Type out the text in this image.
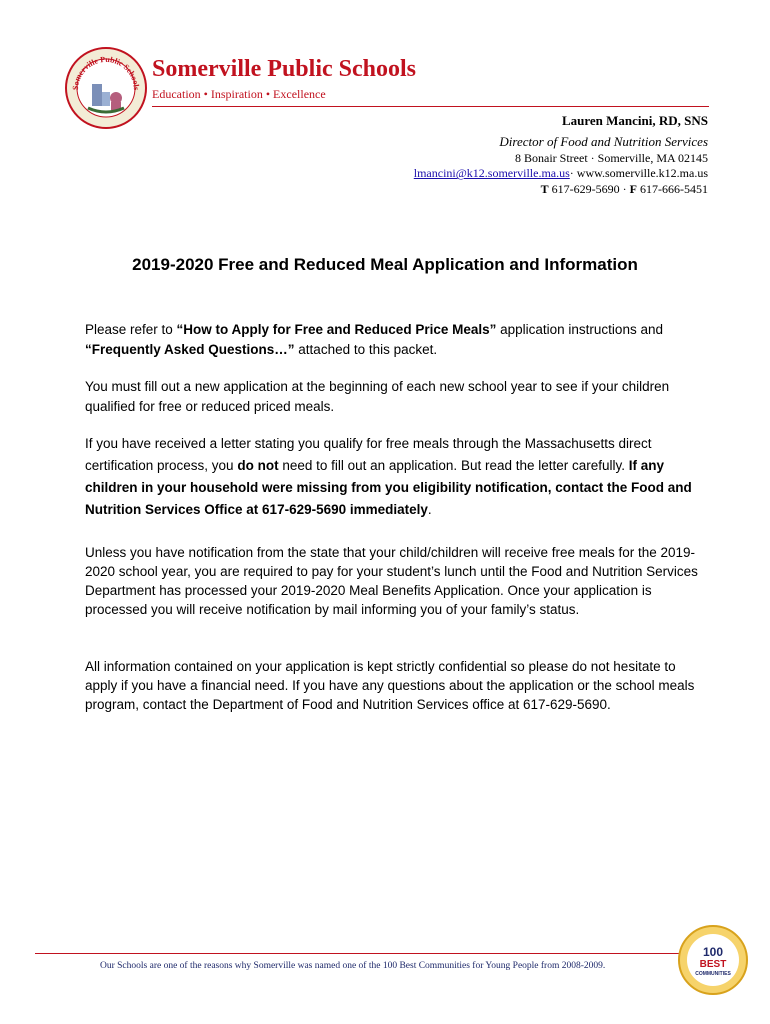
Somerville Public Schools
Somerville Public Schools
Education • Inspiration • Excellence
Lauren Mancini, RD, SNS
Director of Food and Nutrition Services
8 Bonair Street · Somerville, MA 02145
lmancini@k12.somerville.ma.us· www.somerville.k12.ma.us
T 617-629-5690 · F 617-666-5451
2019-2020 Free and Reduced Meal Application and Information
Please refer to “How to Apply for Free and Reduced Price Meals” application instructions and “Frequently Asked Questions…” attached to this packet.
You must fill out a new application at the beginning of each new school year to see if your children qualified for free or reduced priced meals.
If you have received a letter stating you qualify for free meals through the Massachusetts direct certification process, you do not need to fill out an application. But read the letter carefully. If any children in your household were missing from you eligibility notification, contact the Food and Nutrition Services Office at 617-629-5690 immediately.
Unless you have notification from the state that your child/children will receive free meals for the 2019-2020 school year, you are required to pay for your student’s lunch until the Food and Nutrition Services Department has processed your 2019-2020 Meal Benefits Application. Once your application is processed you will receive notification by mail informing you of your family’s status.
All information contained on your application is kept strictly confidential so please do not hesitate to apply if you have a financial need. If you have any questions about the application or the school meals program, contact the Department of Food and Nutrition Services office at 617-629-5690.
Our Schools are one of the reasons why Somerville was named one of the 100 Best Communities for Young People from 2008-2009.
100
BEST
COMMUNITIES
